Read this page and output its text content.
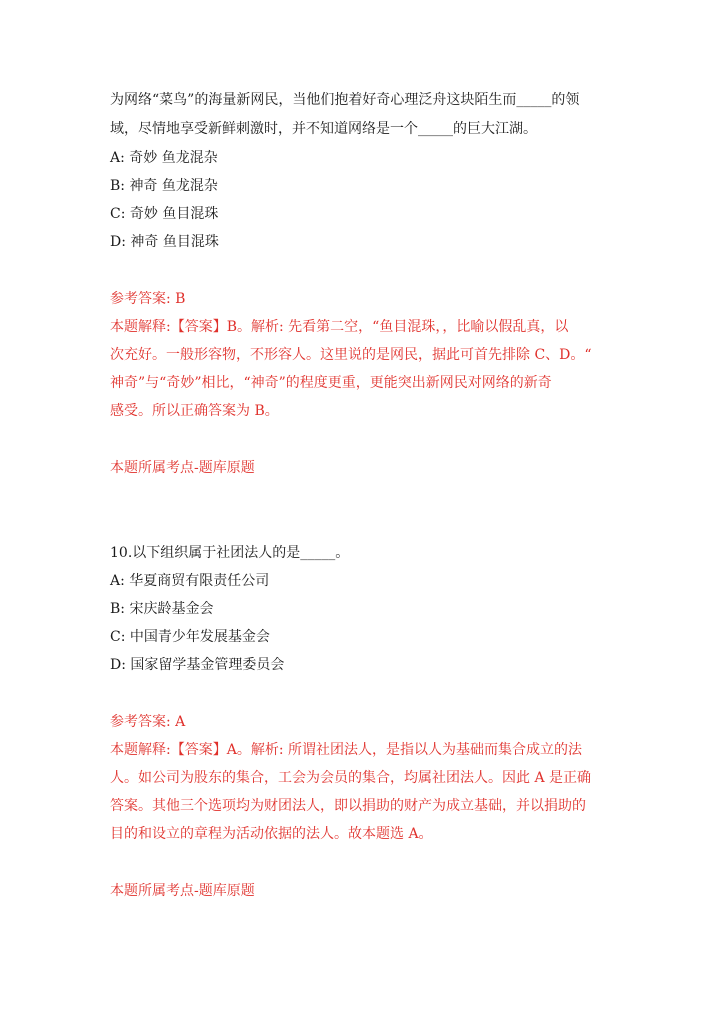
为网络“菜鸟”的海量新网民，当他们抱着好奇心理泛舟这块陌生而_____的领
域，尽情地享受新鲜刺激时，并不知道网络是一个_____的巨大江湖。
A: 奇妙 鱼龙混杂
B: 神奇 鱼龙混杂
C: 奇妙 鱼目混珠
D: 神奇 鱼目混珠
参考答案: B
本题解释:【答案】B。解析: 先看第二空，“鱼目混珠，，比喻以假乱真，以
次充好。一般形容物，不形容人。这里说的是网民，据此可首先排除 C、D。“
神奇”与“奇妙”相比，“神奇”的程度更重，更能突出新网民对网络的新奇
感受。所以正确答案为 B。
本题所属考点-题库原题
10.以下组织属于社团法人的是_____。
A: 华夏商贸有限责任公司
B: 宋庆龄基金会
C: 中国青少年发展基金会
D: 国家留学基金管理委员会
参考答案: A
本题解释:【答案】A。解析: 所谓社团法人，是指以人为基础而集合成立的法
人。如公司为股东的集合，工会为会员的集合，均属社团法人。因此 A 是正确
答案。其他三个选项均为财团法人，即以捐助的财产为成立基础，并以捐助的
目的和设立的章程为活动依据的法人。故本题选 A。
本题所属考点-题库原题
